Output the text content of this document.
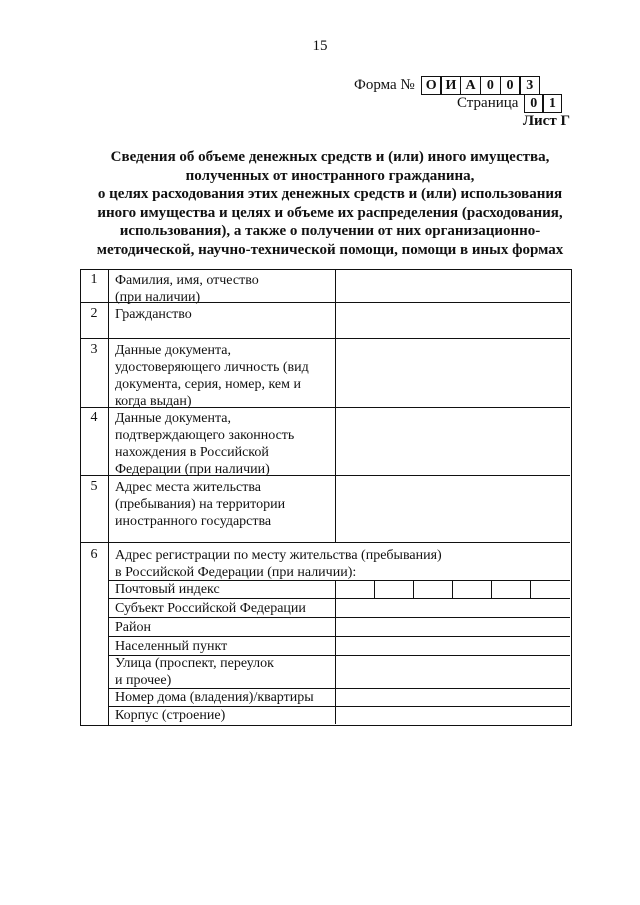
15
Форма № О И А 0 0 3
Страница 0 1
Лист Г
Сведения об объеме денежных средств и (или) иного имущества,
полученных от иностранного гражданина,
о целях расходования этих денежных средств и (или) использования
иного имущества и целях и объеме их распределения (расходования,
использования), а также о получении от них организационно-
методической, научно-технической помощи, помощи в иных формах
1	Фамилия, имя, отчество
(при наличии)
2	Гражданство
3	Данные документа,
удостоверяющего личность (вид
документа, серия, номер, кем и
когда выдан)
4	Данные документа,
подтверждающего законность
нахождения в Российской
Федерации (при наличии)
5	Адрес места жительства
(пребывания) на территории
иностранного государства
6	Адрес регистрации по месту жительства (пребывания)
в Российской Федерации (при наличии):
Почтовый индекс
Субъект Российской Федерации
Район
Населенный пункт
Улица (проспект, переулок
и прочее)
Номер дома (владения)/квартиры
Корпус (строение)
